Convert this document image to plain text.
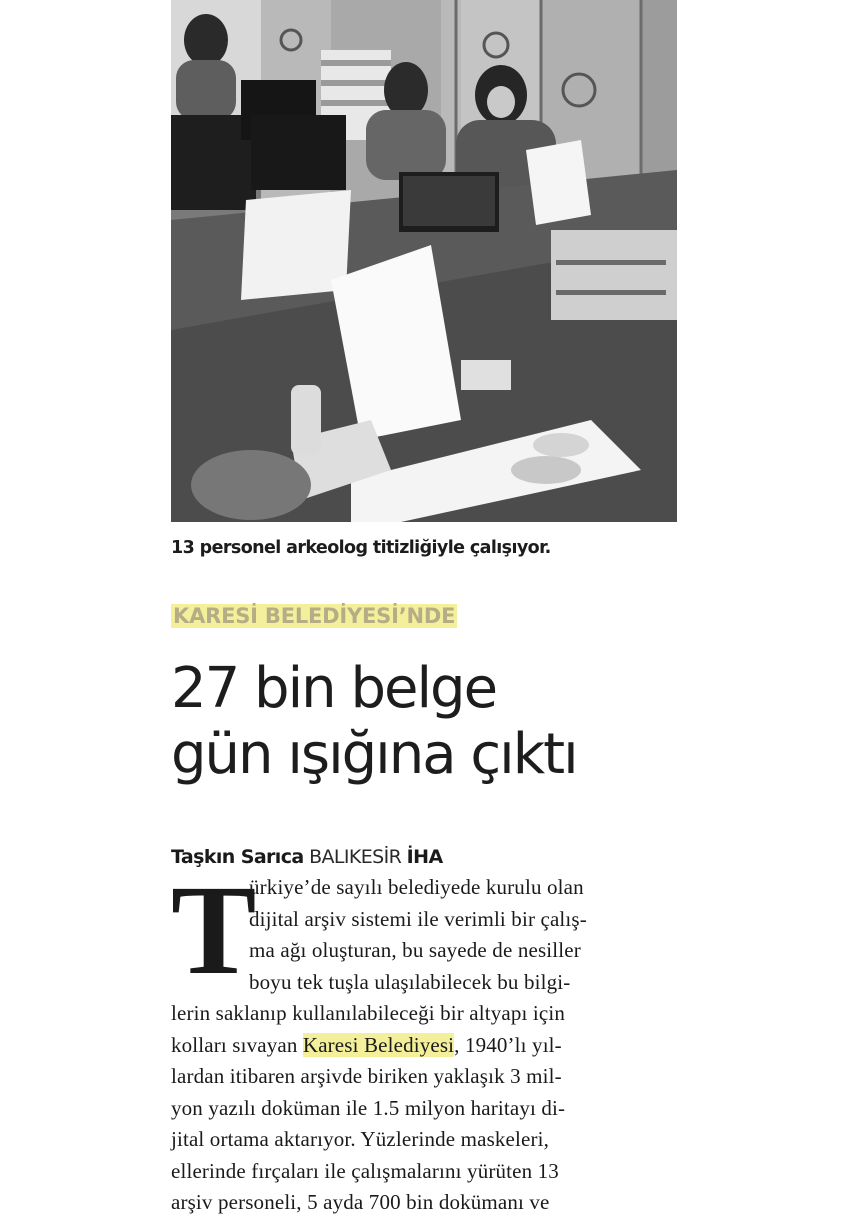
13 personel arkeolog titizliğiyle çalışıyor.
KARESİ BELEDİYESİ’NDE
27 bin belge
gün ışığına çıktı
Taşkın Sarıca BALIKESİR İHA
T
ürkiye’de sayılı belediyede kurulu olan
dijital arşiv sistemi ile verimli bir çalış-
ma ağı oluşturan, bu sayede de nesiller
boyu tek tuşla ulaşılabilecek bu bilgi-
lerin saklanıp kullanılabileceği bir altyapı için
kolları sıvayan Karesi Belediyesi, 1940’lı yıl-
lardan itibaren arşivde biriken yaklaşık 3 mil-
yon yazılı doküman ile 1.5 milyon haritayı di-
jital ortama aktarıyor. Yüzlerinde maskeleri,
ellerinde fırçaları ile çalışmalarını yürüten 13
arşiv personeli, 5 ayda 700 bin dokümanı ve
